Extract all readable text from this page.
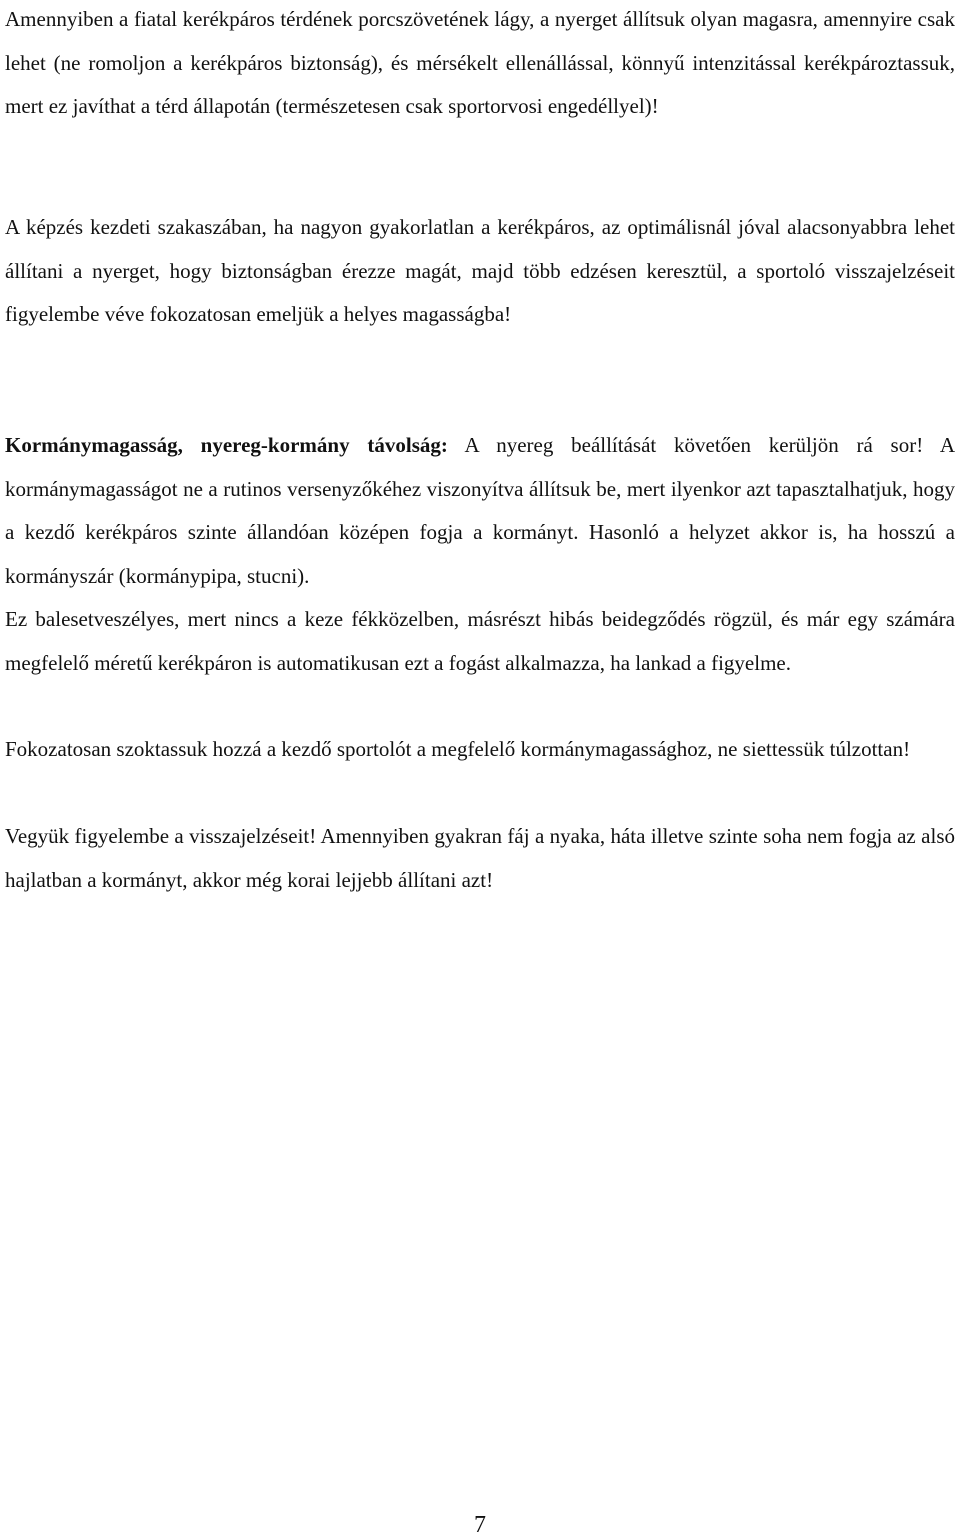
Amennyiben a fiatal kerékpáros térdének porcszövetének lágy, a nyerget állítsuk olyan magasra, amennyire csak lehet (ne romoljon a kerékpáros biztonság), és mérsékelt ellenállással, könnyű intenzitással kerékpároztassuk, mert ez javíthat a térd állapotán (természetesen csak sportorvosi engedéllyel)!

A képzés kezdeti szakaszában, ha nagyon gyakorlatlan a kerékpáros, az optimálisnál jóval alacsonyabbra lehet állítani a nyerget, hogy biztonságban érezze magát, majd több edzésen keresztül, a sportoló visszajelzéseit figyelembe véve fokozatosan emeljük a helyes magasságba!

Kormánymagasság, nyereg-kormány távolság: A nyereg beállítását követően kerüljön rá sor! A kormánymagasságot ne a rutinos versenyzőkéhez viszonyítva állítsuk be, mert ilyenkor azt tapasztalhatjuk, hogy a kezdő kerékpáros szinte állandóan középen fogja a kormányt. Hasonló a helyzet akkor is, ha hosszú a kormányszár (kormánypipa, stucni).

Ez balesetveszélyes, mert nincs a keze fékközelben, másrészt hibás beidegződés rögzül, és már egy számára megfelelő méretű kerékpáron is automatikusan ezt a fogást alkalmazza, ha lankad a figyelme.

Fokozatosan szoktassuk hozzá a kezdő sportolót a megfelelő kormánymagassághoz, ne siettessük túlzottan!

Vegyük figyelembe a visszajelzéseit! Amennyiben gyakran fáj a nyaka, háta illetve szinte soha nem fogja az alsó hajlatban a kormányt, akkor még korai lejjebb állítani azt!

7
